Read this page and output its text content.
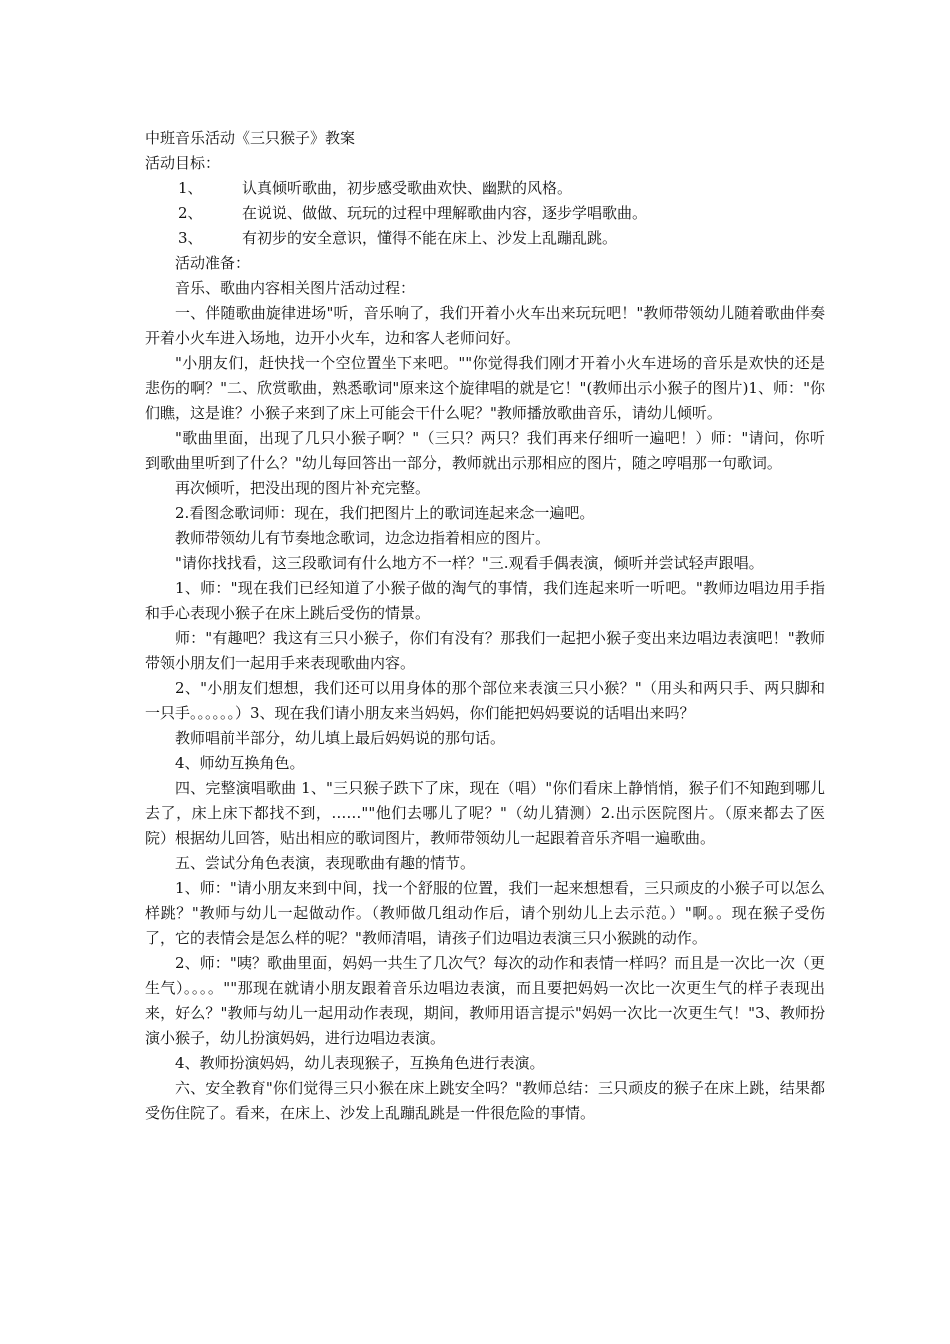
中班音乐活动《三只猴子》教案
活动目标：
1、	认真倾听歌曲，初步感受歌曲欢快、幽默的风格。
2、	在说说、做做、玩玩的过程中理解歌曲内容，逐步学唱歌曲。
3、	有初步的安全意识，懂得不能在床上、沙发上乱蹦乱跳。
活动准备：
音乐、歌曲内容相关图片活动过程：
一、伴随歌曲旋律进场"听，音乐响了，我们开着小火车出来玩玩吧！"教师带领幼儿随着歌曲伴奏开着小火车进入场地，边开小火车，边和客人老师问好。
"小朋友们，赶快找一个空位置坐下来吧。""你觉得我们刚才开着小火车进场的音乐是欢快的还是悲伤的啊？"二、欣赏歌曲，熟悉歌词"原来这个旋律唱的就是它！"(教师出示小猴子的图片)1、师："你们瞧，这是谁？小猴子来到了床上可能会干什么呢？"教师播放歌曲音乐，请幼儿倾听。
"歌曲里面，出现了几只小猴子啊？"（三只？两只？我们再来仔细听一遍吧！）师："请问，你听到歌曲里听到了什么？"幼儿每回答出一部分，教师就出示那相应的图片，随之哼唱那一句歌词。
再次倾听，把没出现的图片补充完整。
2.看图念歌词师：现在，我们把图片上的歌词连起来念一遍吧。
教师带领幼儿有节奏地念歌词，边念边指着相应的图片。
"请你找找看，这三段歌词有什么地方不一样？"三.观看手偶表演，倾听并尝试轻声跟唱。
1、师："现在我们已经知道了小猴子做的淘气的事情，我们连起来听一听吧。"教师边唱边用手指和手心表现小猴子在床上跳后受伤的情景。
师："有趣吧？我这有三只小猴子，你们有没有？那我们一起把小猴子变出来边唱边表演吧！"教师带领小朋友们一起用手来表现歌曲内容。
2、"小朋友们想想，我们还可以用身体的那个部位来表演三只小猴？"（用头和两只手、两只脚和一只手。。。。。。）3、现在我们请小朋友来当妈妈，你们能把妈妈要说的话唱出来吗？
教师唱前半部分，幼儿填上最后妈妈说的那句话。
4、师幼互换角色。
四、完整演唱歌曲 1、"三只猴子跌下了床，现在（唱）"你们看床上静悄悄，猴子们不知跑到哪儿去了，床上床下都找不到，……""他们去哪儿了呢？"（幼儿猜测）2.出示医院图片。（原来都去了医院）根据幼儿回答，贴出相应的歌词图片，教师带领幼儿一起跟着音乐齐唱一遍歌曲。
五、尝试分角色表演，表现歌曲有趣的情节。
1、师："请小朋友来到中间，找一个舒服的位置，我们一起来想想看，三只顽皮的小猴子可以怎么样跳？"教师与幼儿一起做动作。（教师做几组动作后，请个别幼儿上去示范。）"啊。。现在猴子受伤了，它的表情会是怎么样的呢？"教师清唱，请孩子们边唱边表演三只小猴跳的动作。
2、师："咦？歌曲里面，妈妈一共生了几次气？每次的动作和表情一样吗？而且是一次比一次（更生气）。。。。""那现在就请小朋友跟着音乐边唱边表演，而且要把妈妈一次比一次更生气的样子表现出来，好么？"教师与幼儿一起用动作表现，期间，教师用语言提示"妈妈一次比一次更生气！"3、教师扮演小猴子，幼儿扮演妈妈，进行边唱边表演。
4、教师扮演妈妈，幼儿表现猴子，互换角色进行表演。
六、安全教育"你们觉得三只小猴在床上跳安全吗？"教师总结：三只顽皮的猴子在床上跳，结果都受伤住院了。看来，在床上、沙发上乱蹦乱跳是一件很危险的事情。
